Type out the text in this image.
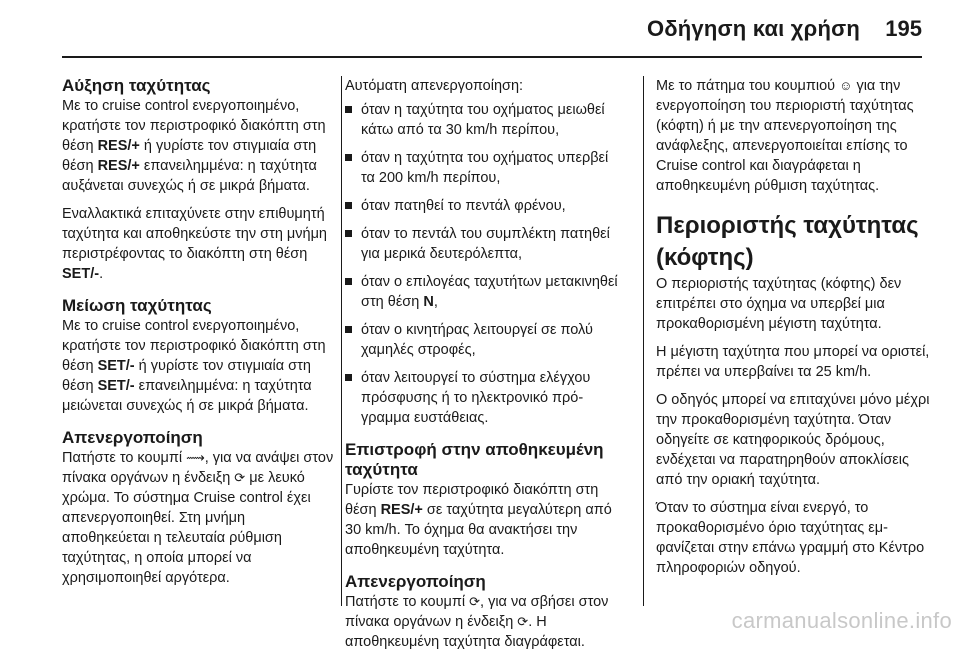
Οδήγηση και χρήση 195
Αύξηση ταχύτητας

Με το cruise control ενεργοποιημένο, κρατήστε τον περιστροφικό διακόπτη στη θέση RES/+ ή γυρίστε τον στιγμιαία στη θέση RES/+ επανειλημμένα: η ταχύτητα αυξάνεται συνεχώς ή σε μικρά βήματα.

Εναλλακτικά επιταχύνετε στην επιθυμητή ταχύτητα και αποθηκεύστε την στη μνήμη περιστρέφοντας το διακόπτη στη θέση SET/-.

Μείωση ταχύτητας

Με το cruise control ενεργοποιημένο, κρατήστε τον περιστροφικό διακόπτη στη θέση SET/- ή γυρίστε τον στιγμιαία στη θέση SET/- επανειλημμένα: η ταχύτητα μειώνεται συνεχώς ή σε μικρά βήματα.

Απενεργοποίηση

Πατήστε το κουμπί ⟿, για να ανάψει στον πίνακα οργάνων η ένδειξη ⟳ με λευκό χρώμα. Το σύστημα Cruise control έχει απενεργοποιηθεί. Στη μνήμη αποθηκεύεται η τελευταία ρύθμιση ταχύτητας, η οποία μπορεί να χρησιμοποιηθεί αργότερα.

Αυτόματη απενεργοποίηση:

όταν η ταχύτητα του οχήματος μειωθεί κάτω από τα 30 km/h περίπου,
όταν η ταχύτητα του οχήματος υπερβεί τα 200 km/h περίπου,
όταν πατηθεί το πεντάλ φρένου,
όταν το πεντάλ του συμπλέκτη πατηθεί για μερικά δευτερόλεπτα,
όταν ο επιλογέας ταχυτήτων μετακινηθεί στη θέση N,
όταν ο κινητήρας λειτουργεί σε πολύ χαμηλές στροφές,
όταν λειτουργεί το σύστημα ελέγχου πρόσφυσης ή το ηλεκτρονικό πρόγραμμα ευστάθειας.
Επιστροφή στην αποθηκευμένη ταχύτητα

Γυρίστε τον περιστροφικό διακόπτη στη θέση RES/+ σε ταχύτητα μεγαλύτερη από 30 km/h. Το όχημα θα ανακτήσει την αποθηκευμένη ταχύτητα.

Απενεργοποίηση

Πατήστε το κουμπί ⟳, για να σβήσει στον πίνακα οργάνων η ένδειξη ⟳. Η αποθηκευμένη ταχύτητα διαγράφεται.

Με το πάτημα του κουμπιού ☺ για την ενεργοποίηση του περιοριστή ταχύτητας (κόφτη) ή με την απενεργοποίηση της ανάφλεξης, απενεργοποιείται επίσης το Cruise control και διαγράφεται η αποθηκευμένη ρύθμιση ταχύτητας.

Περιοριστής ταχύτητας (κόφτης)

Ο περιοριστής ταχύτητας (κόφτης) δεν επιτρέπει στο όχημα να υπερβεί μια προκαθορισμένη μέγιστη ταχύτητα.

Η μέγιστη ταχύτητα που μπορεί να οριστεί, πρέπει να υπερβαίνει τα 25 km/h.

Ο οδηγός μπορεί να επιταχύνει μόνο μέχρι την προκαθορισμένη ταχύτητα. Όταν οδηγείτε σε κατηφορικούς δρόμους, ενδέχεται να παρατηρηθούν αποκλίσεις από την οριακή ταχύτητα.

Όταν το σύστημα είναι ενεργό, το προκαθορισμένο όριο ταχύτητας εμφανίζεται στην επάνω γραμμή στο Κέντρο πληροφοριών οδηγού.

carmanualsonline.info
